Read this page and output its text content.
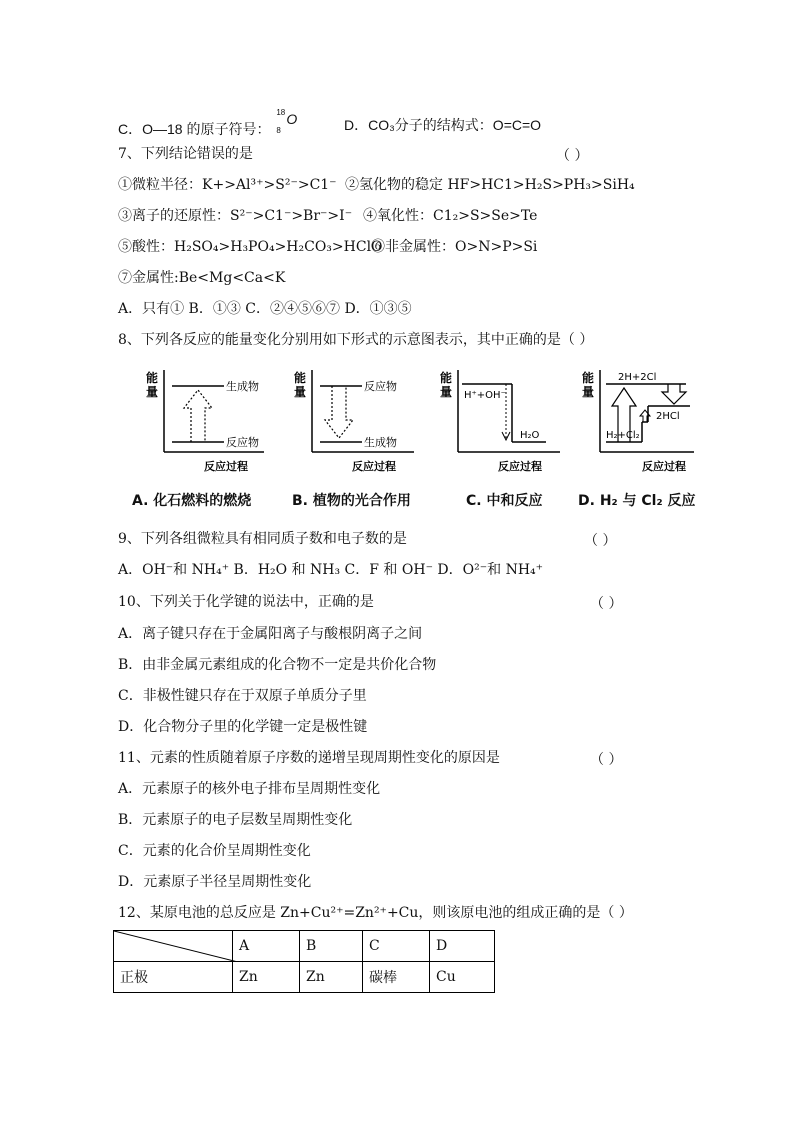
C．O—18 的原子符号：
18
8
O	D．CO₃分子的结构式：O=C=O
7、下列结论错误的是	（ ）
①微粒半径：K+>Al³⁺>S²⁻>C1⁻ ②氢化物的稳定 HF>HC1>H₂S>PH₃>SiH₄
③离子的还原性：S²⁻>C1⁻>Br⁻>I⁻ ④氧化性：C1₂>S>Se>Te
⑤酸性：H₂SO₄>H₃PO₄>H₂CO₃>HClO
⑥非金属性：O>N>P>Si
⑦金属性:Be<Mg<Ca<K
A．只有① B．①③ C．②④⑤⑥⑦ D．①③⑤
8、下列各反应的能量变化分别用如下形式的示意图表示，其中正确的是（ ）
能
量	生成物
反应物
反应过程
能
量	反应物
生成物
反应过程
能
量 H⁺+OH⁻
H₂O
反应过程
能
量
2H+2Cl
2HCl
H₂+Cl₂
反应过程
A. 化石燃料的燃烧	B. 植物的光合作用	C. 中和反应	D. H₂ 与 Cl₂ 反应
9、下列各组微粒具有相同质子数和电子数的是	（ ）
A．OH⁻和 NH₄⁺ B．H₂O 和 NH₃ C．F 和 OH⁻ D．O²⁻和 NH₄⁺
10、下列关于化学键的说法中，正确的是	（ ）
A．离子键只存在于金属阳离子与酸根阴离子之间
B．由非金属元素组成的化合物不一定是共价化合物
C．非极性键只存在于双原子单质分子里
D．化合物分子里的化学键一定是极性键
11、元素的性质随着原子序数的递增呈现周期性变化的原因是	（ ）
A．元素原子的核外电子排布呈周期性变化
B．元素原子的电子层数呈周期性变化
C．元素的化合价呈周期性变化
D．元素原子半径呈周期性变化
12、某原电池的总反应是 Zn+Cu²⁺=Zn²⁺+Cu，则该原电池的组成正确的是（ ）
	A	B	C	D
正极	Zn	Zn	碳棒	Cu
